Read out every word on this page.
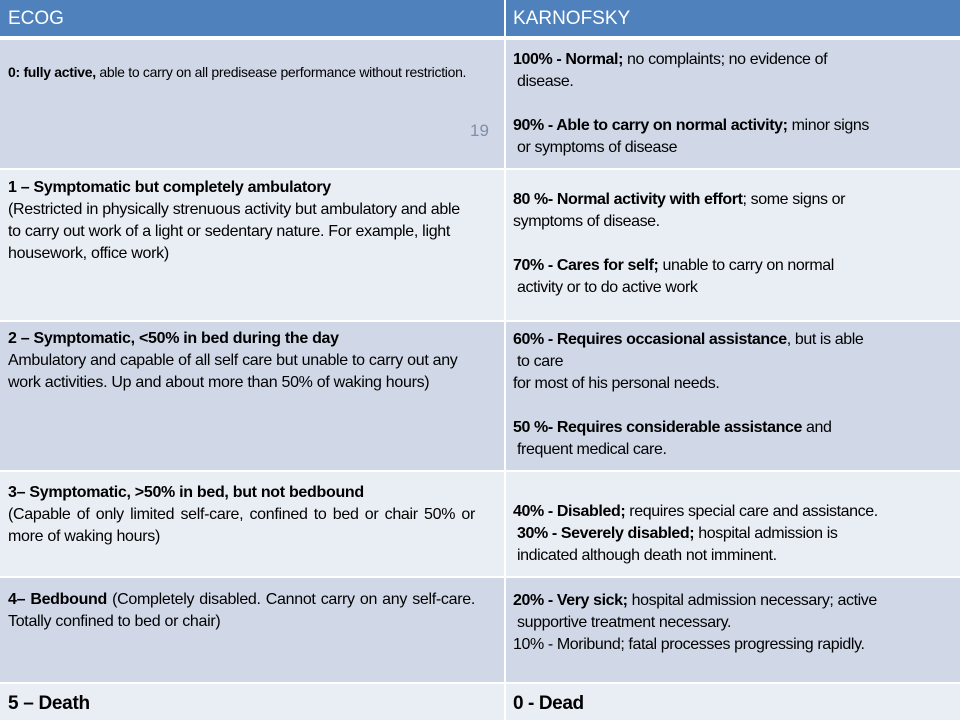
ECOG	KARNOFSKY
0: fully active, able to carry on all predisease performance without restriction.
19
1 – Symptomatic but completely ambulatory
(Restricted in physically strenuous activity but ambulatory and able to carry out work of a light or sedentary nature. For example, light housework, office work)
2 – Symptomatic, <50% in bed during the day
Ambulatory and capable of all self care but unable to carry out any work activities. Up and about more than 50% of waking hours)
3– Symptomatic, >50% in bed, but not bedbound
(Capable of only limited self-care, confined to bed or chair 50% or more of waking hours)
4– Bedbound (Completely disabled. Cannot carry on any self-care. Totally confined to bed or chair)
5 – Death
100% - Normal; no complaints; no evidence of
disease.
90% - Able to carry on normal activity; minor signs
or symptoms of disease
80 %- Normal activity with effort; some signs or
symptoms of disease.
70% - Cares for self; unable to carry on normal
activity or to do active work
60% - Requires occasional assistance, but is able
to care
for most of his personal needs.
50 %- Requires considerable assistance and
frequent medical care.
40% - Disabled; requires special care and assistance.
30% - Severely disabled; hospital admission is
indicated although death not imminent.
20% - Very sick; hospital admission necessary; active
supportive treatment necessary.
10% - Moribund; fatal processes progressing rapidly.
0 - Dead
